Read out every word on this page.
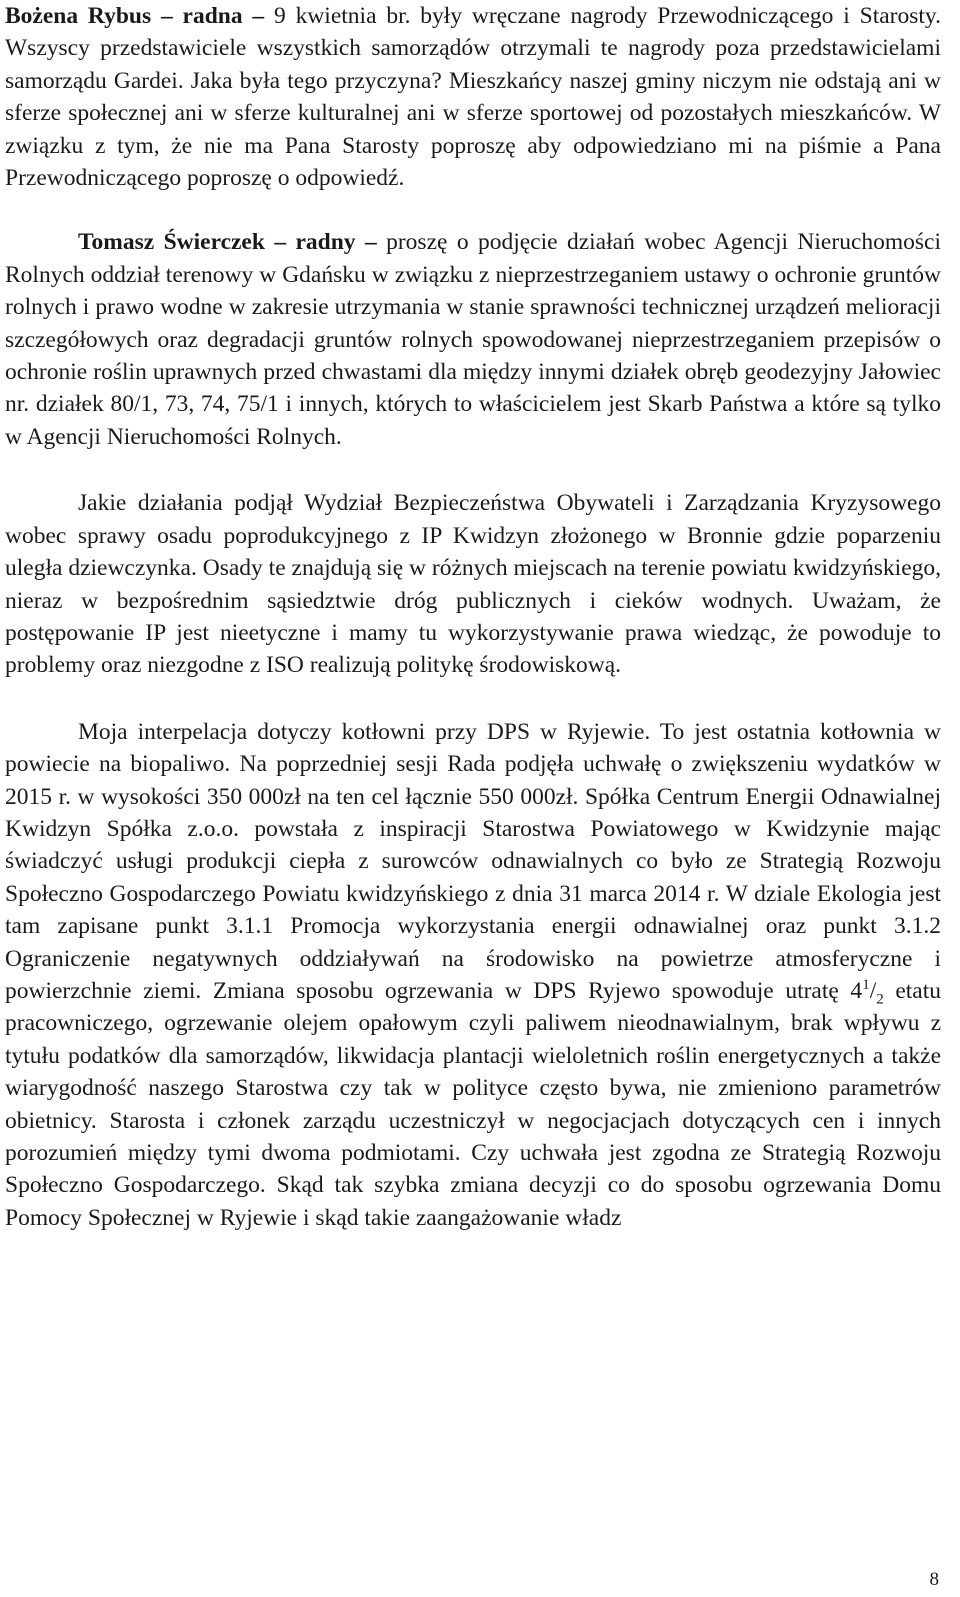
Bożena Rybus – radna – 9 kwietnia br. były wręczane nagrody Przewodniczącego i Starosty. Wszyscy przedstawiciele wszystkich samorządów otrzymali te nagrody poza przedstawicielami samorządu Gardei. Jaka była tego przyczyna? Mieszkańcy naszej gminy niczym nie odstają ani w sferze społecznej ani w sferze kulturalnej ani w sferze sportowej od pozostałych mieszkańców. W związku z tym, że nie ma Pana Starosty poproszę aby odpowiedziano mi na piśmie a Pana Przewodniczącego poproszę o odpowiedź.

Tomasz Świerczek – radny – proszę o podjęcie działań wobec Agencji Nieruchomości Rolnych oddział terenowy w Gdańsku w związku z nieprzestrzeganiem ustawy o ochronie gruntów rolnych i prawo wodne w zakresie utrzymania w stanie sprawności technicznej urządzeń melioracji szczegółowych oraz degradacji gruntów rolnych spowodowanej nieprzestrzeganiem przepisów o ochronie roślin uprawnych przed chwastami dla między innymi działek obręb geodezyjny Jałowiec nr. działek 80/1, 73, 74, 75/1 i innych, których to właścicielem jest Skarb Państwa a które są tylko w Agencji Nieruchomości Rolnych.

Jakie działania podjął Wydział Bezpieczeństwa Obywateli i Zarządzania Kryzysowego wobec sprawy osadu poprodukcyjnego z IP Kwidzyn złożonego w Bronnie gdzie poparzeniu uległa dziewczynka. Osady te znajdują się w różnych miejscach na terenie powiatu kwidzyńskiego, nieraz w bezpośrednim sąsiedztwie dróg publicznych i cieków wodnych. Uważam, że postępowanie IP jest nieetyczne i mamy tu wykorzystywanie prawa wiedząc, że powoduje to problemy oraz niezgodne z ISO realizują politykę środowiskową.

Moja interpelacja dotyczy kotłowni przy DPS w Ryjewie. To jest ostatnia kotłownia w powiecie na biopaliwo. Na poprzedniej sesji Rada podjęła uchwałę o zwiększeniu wydatków w 2015 r. w wysokości 350 000zł na ten cel łącznie 550 000zł. Spółka Centrum Energii Odnawialnej Kwidzyn Spółka z.o.o. powstała z inspiracji Starostwa Powiatowego w Kwidzynie mając świadczyć usługi produkcji ciepła z surowców odnawialnych co było ze Strategią Rozwoju Społeczno Gospodarczego Powiatu kwidzyńskiego z dnia 31 marca 2014 r. W dziale Ekologia jest tam zapisane punkt 3.1.1 Promocja wykorzystania energii odnawialnej oraz punkt 3.1.2 Ograniczenie negatywnych oddziaływań na środowisko na powietrze atmosferyczne i powierzchnie ziemi. Zmiana sposobu ogrzewania w DPS Ryjewo spowoduje utratę $4^1/_2$ etatu pracowniczego, ogrzewanie olejem opałowym czyli paliwem nieodnawialnym, brak wpływu z tytułu podatków dla samorządów, likwidacja plantacji wieloletnich roślin energetycznych a także wiarygodność naszego Starostwa czy tak w polityce często bywa, nie zmieniono parametrów obietnicy. Starosta i członek zarządu uczestniczył w negocjacjach dotyczących cen i innych porozumień między tymi dwoma podmiotami. Czy uchwała jest zgodna ze Strategią Rozwoju Społeczno Gospodarczego. Skąd tak szybka zmiana decyzji co do sposobu ogrzewania Domu Pomocy Społecznej w Ryjewie i skąd takie zaangażowanie władz

8
